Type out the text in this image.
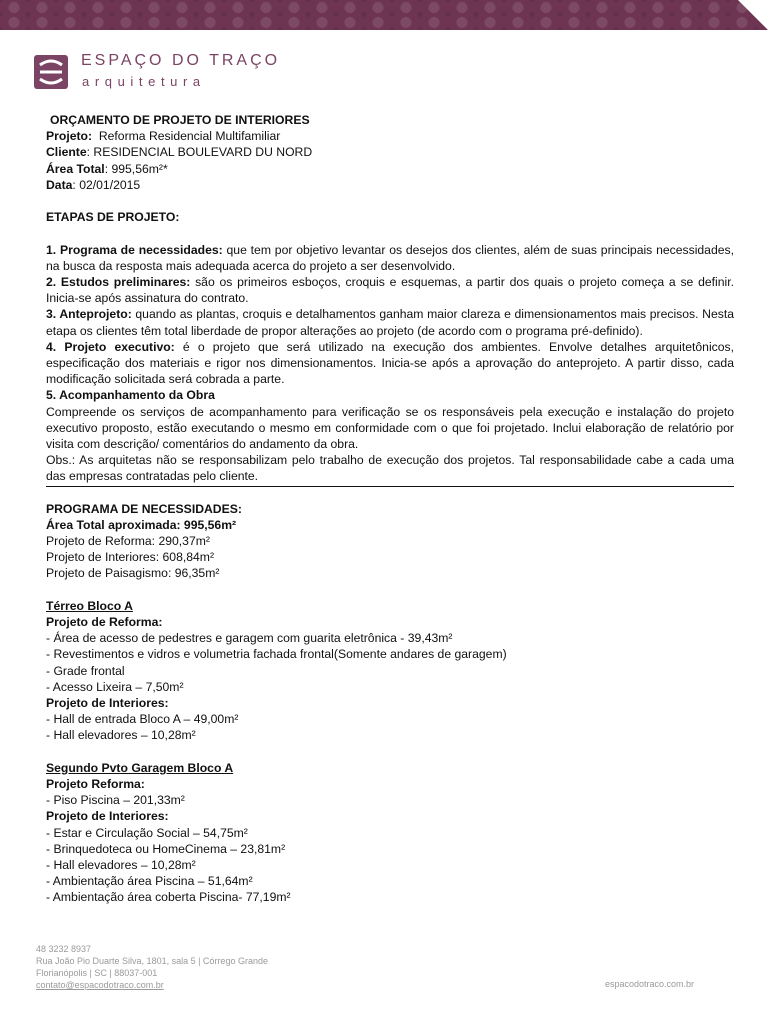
ESPAÇO DO TRAÇO
arquitetura

ORÇAMENTO DE PROJETO DE INTERIORES

Projeto: Reforma Residencial Multifamiliar

Cliente: RESIDENCIAL BOULEVARD DU NORD

Área Total: 995,56m²*

Data: 02/01/2015

ETAPAS DE PROJETO:

1. Programa de necessidades: que tem por objetivo levantar os desejos dos clientes, além de suas principais necessidades, na busca da resposta mais adequada acerca do projeto a ser desenvolvido.

2. Estudos preliminares: são os primeiros esboços, croquis e esquemas, a partir dos quais o projeto começa a se definir. Inicia-se após assinatura do contrato.

3. Anteprojeto: quando as plantas, croquis e detalhamentos ganham maior clareza e dimensionamentos mais precisos. Nesta etapa os clientes têm total liberdade de propor alterações ao projeto (de acordo com o programa pré-definido).

4. Projeto executivo: é o projeto que será utilizado na execução dos ambientes. Envolve detalhes arquitetônicos, especificação dos materiais e rigor nos dimensionamentos. Inicia-se após a aprovação do anteprojeto. A partir disso, cada modificação solicitada será cobrada a parte.

5. Acompanhamento da Obra

Compreende os serviços de acompanhamento para verificação se os responsáveis pela execução e instalação do projeto executivo proposto, estão executando o mesmo em conformidade com o que foi projetado. Inclui elaboração de relatório por visita com descrição/ comentários do andamento da obra.

Obs.: As arquitetas não se responsabilizam pelo trabalho de execução dos projetos. Tal responsabilidade cabe a cada uma das empresas contratadas pelo cliente.

PROGRAMA DE NECESSIDADES:

Área Total aproximada: 995,56m²

Projeto de Reforma: 290,37m²

Projeto de Interiores: 608,84m²

Projeto de Paisagismo: 96,35m²

Térreo Bloco A

Projeto de Reforma:

- Área de acesso de pedestres e garagem com guarita eletrônica - 39,43m²

- Revestimentos e vidros e volumetria fachada frontal(Somente andares de garagem)

- Grade frontal

- Acesso Lixeira – 7,50m²

Projeto de Interiores:

- Hall de entrada Bloco A – 49,00m²

- Hall elevadores – 10,28m²

Segundo Pvto Garagem Bloco A

Projeto Reforma:

- Piso Piscina – 201,33m²

Projeto de Interiores:

- Estar e Circulação Social – 54,75m²

- Brinquedoteca ou HomeCinema – 23,81m²

- Hall elevadores – 10,28m²

- Ambientação área Piscina – 51,64m²

- Ambientação área coberta Piscina- 77,19m²

48 3232 8937
Rua João Pio Duarte Silva, 1801, sala 5 | Córrego Grande
Florianópolis | SC | 88037-001
contato@espacodotraco.com.br	espacodotraco.com.br
